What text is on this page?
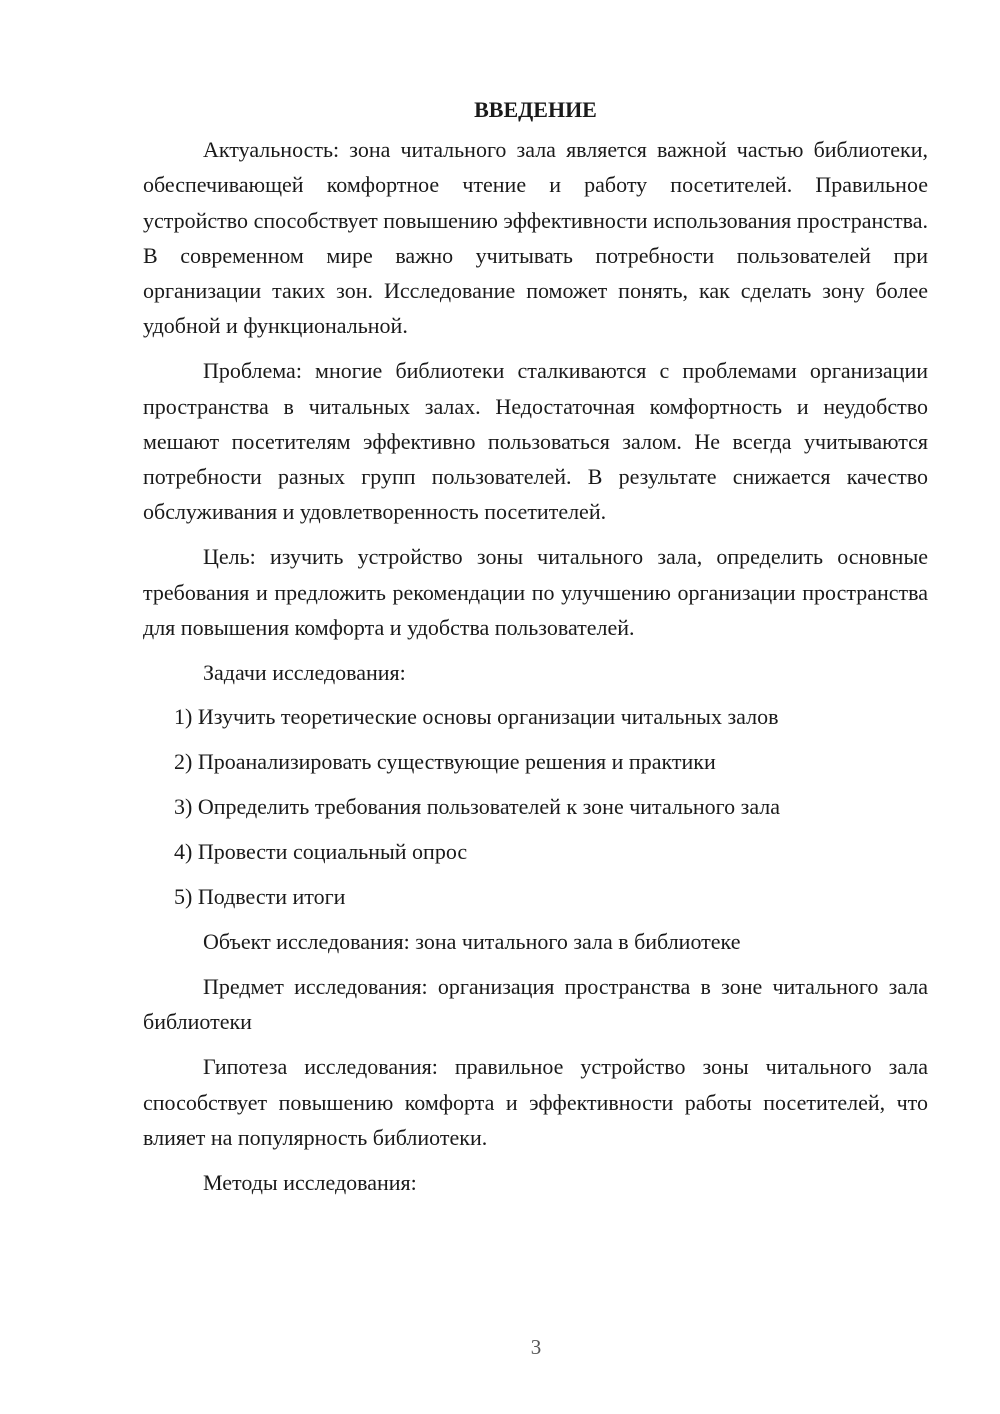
ВВЕДЕНИЕ

Актуальность: зона читального зала является важной частью библиотеки, обеспечивающей комфортное чтение и работу посетителей. Правильное устройство способствует повышению эффективности использования пространства. В современном мире важно учитывать потребности пользователей при организации таких зон. Исследование поможет понять, как сделать зону более удобной и функциональной.

Проблема: многие библиотеки сталкиваются с проблемами организации пространства в читальных залах. Недостаточная комфортность и неудобство мешают посетителям эффективно пользоваться залом. Не всегда учитываются потребности разных групп пользователей. В результате снижается качество обслуживания и удовлетворенность посетителей.

Цель: изучить устройство зоны читального зала, определить основные требования и предложить рекомендации по улучшению организации пространства для повышения комфорта и удобства пользователей.

Задачи исследования:

1) Изучить теоретические основы организации читальных залов

2) Проанализировать существующие решения и практики

3) Определить требования пользователей к зоне читального зала

4) Провести социальный опрос

5) Подвести итоги

Объект исследования: зона читального зала в библиотеке

Предмет исследования: организация пространства в зоне читального зала библиотеки

Гипотеза исследования: правильное устройство зоны читального зала способствует повышению комфорта и эффективности работы посетителей, что влияет на популярность библиотеки.

Методы исследования:

3
